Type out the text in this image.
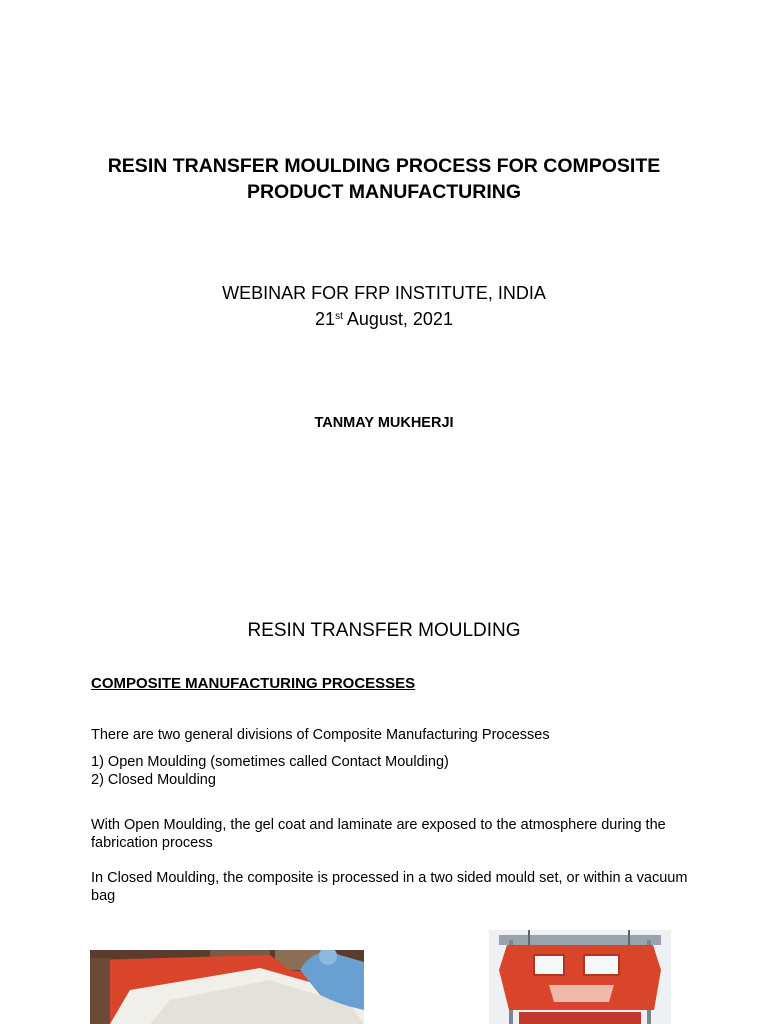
RESIN TRANSFER MOULDING PROCESS FOR COMPOSITE
PRODUCT MANUFACTURING
WEBINAR FOR FRP INSTITUTE, INDIA
21st August, 2021
TANMAY MUKHERJI
RESIN TRANSFER MOULDING
COMPOSITE MANUFACTURING PROCESSES
There are two general divisions of Composite Manufacturing Processes
1) Open Moulding (sometimes called Contact Moulding)
2) Closed Moulding
With Open Moulding, the gel coat and laminate are exposed to the atmosphere during the fabrication process
In Closed Moulding, the composite is processed in a two sided mould set, or within a vacuum bag
